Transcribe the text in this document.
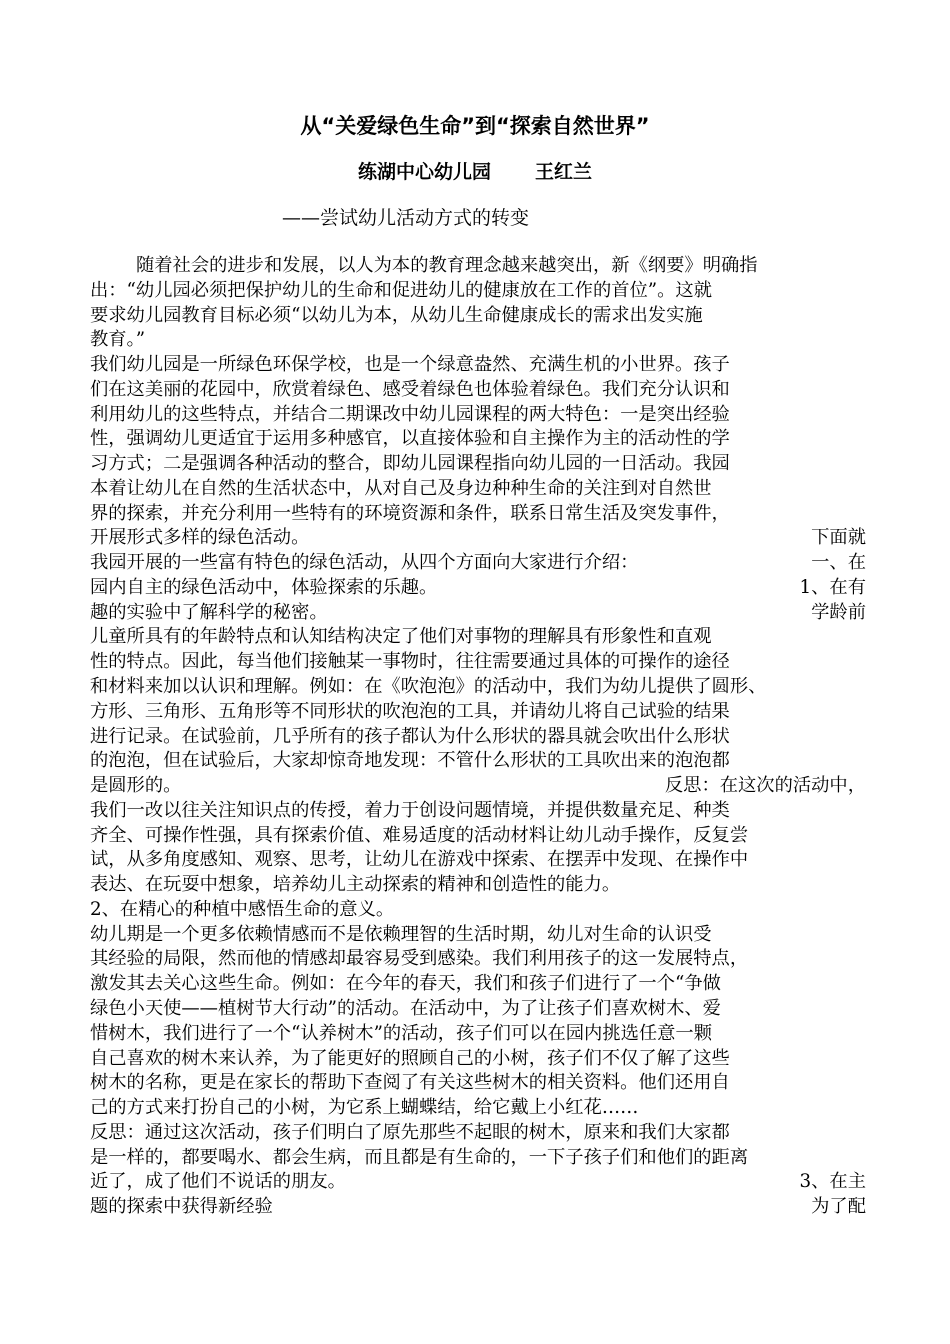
从“关爱绿色生命”到“探索自然世界”
练湖中心幼儿园 王红兰
——尝试幼儿活动方式的转变
随着社会的进步和发展，以人为本的教育理念越来越突出，新《纲要》明确指
出：“幼儿园必须把保护幼儿的生命和促进幼儿的健康放在工作的首位”。这就
要求幼儿园教育目标必须“以幼儿为本，从幼儿生命健康成长的需求出发实施
教育。”
我们幼儿园是一所绿色环保学校，也是一个绿意盎然、充满生机的小世界。孩子
们在这美丽的花园中，欣赏着绿色、感受着绿色也体验着绿色。我们充分认识和
利用幼儿的这些特点，并结合二期课改中幼儿园课程的两大特色：一是突出经验
性，强调幼儿更适宜于运用多种感官，以直接体验和自主操作为主的活动性的学
习方式；二是强调各种活动的整合，即幼儿园课程指向幼儿园的一日活动。我园
本着让幼儿在自然的生活状态中，从对自己及身边种种生命的关注到对自然世
界的探索，并充分利用一些特有的环境资源和条件，联系日常生活及突发事件，
开展形式多样的绿色活动。	下面就
我园开展的一些富有特色的绿色活动，从四个方面向大家进行介绍：	一、在
园内自主的绿色活动中，体验探索的乐趣。	1、在有
趣的实验中了解科学的秘密。	学龄前
儿童所具有的年龄特点和认知结构决定了他们对事物的理解具有形象性和直观
性的特点。因此，每当他们接触某一事物时，往往需要通过具体的可操作的途径
和材料来加以认识和理解。例如：在《吹泡泡》的活动中，我们为幼儿提供了圆形、
方形、三角形、五角形等不同形状的吹泡泡的工具，并请幼儿将自己试验的结果
进行记录。在试验前，几乎所有的孩子都认为什么形状的器具就会吹出什么形状
的泡泡，但在试验后，大家却惊奇地发现：不管什么形状的工具吹出来的泡泡都
是圆形的。	反思：在这次的活动中，
我们一改以往关注知识点的传授，着力于创设问题情境，并提供数量充足、种类
齐全、可操作性强，具有探索价值、难易适度的活动材料让幼儿动手操作，反复尝
试，从多角度感知、观察、思考，让幼儿在游戏中探索、在摆弄中发现、在操作中
表达、在玩耍中想象，培养幼儿主动探索的精神和创造性的能力。
2、在精心的种植中感悟生命的意义。
幼儿期是一个更多依赖情感而不是依赖理智的生活时期，幼儿对生命的认识受
其经验的局限，然而他的情感却最容易受到感染。我们利用孩子的这一发展特点，
激发其去关心这些生命。例如：在今年的春天，我们和孩子们进行了一个“争做
绿色小天使——植树节大行动”的活动。在活动中，为了让孩子们喜欢树木、爱
惜树木，我们进行了一个“认养树木”的活动，孩子们可以在园内挑选任意一颗
自己喜欢的树木来认养，为了能更好的照顾自己的小树，孩子们不仅了解了这些
树木的名称，更是在家长的帮助下查阅了有关这些树木的相关资料。他们还用自
己的方式来打扮自己的小树，为它系上蝴蝶结，给它戴上小红花……
反思：通过这次活动，孩子们明白了原先那些不起眼的树木，原来和我们大家都
是一样的，都要喝水、都会生病，而且都是有生命的，一下子孩子们和他们的距离
近了，成了他们不说话的朋友。	3、在主
题的探索中获得新经验	为了配
